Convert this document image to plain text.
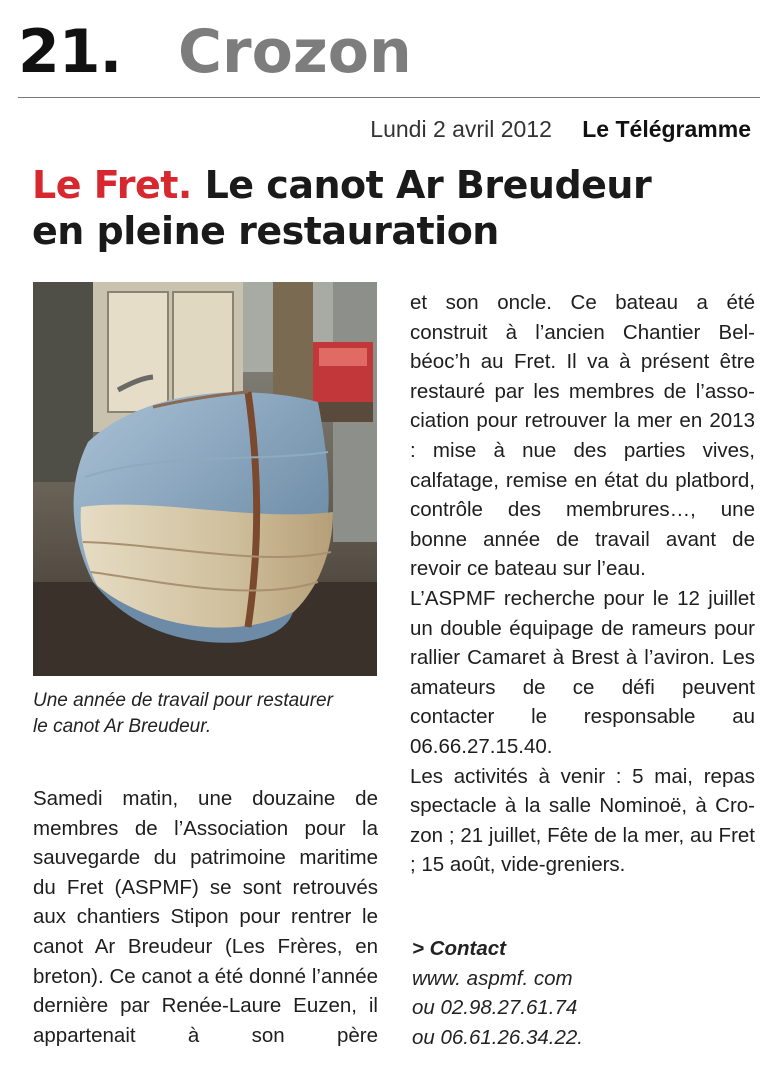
21. Crozon
Lundi 2 avril 2012 Le Télégramme
Le Fret. Le canot Ar Breudeur
en pleine restauration

Une année de travail pour restaurer
le canot Ar Breudeur.

Samedi matin, une douzaine de membres de l’Association pour la sauvegarde du patrimoine maritime du Fret (ASPMF) se sont retrouvés aux chantiers Stipon pour rentrer le canot Ar Breudeur (Les Frères, en breton). Ce canot a été donné l’année dernière par Renée-Laure Euzen, il appartenait à son père

et son oncle. Ce bateau a été construit à l’ancien Chantier Belbéoc’h au Fret. Il va à présent être restauré par les membres de l’association pour retrouver la mer en 2013 : mise à nue des parties vives, calfatage, remise en état du platbord, contrôle des membrures…, une bonne année de travail avant de revoir ce bateau sur l’eau.

L’ASPMF recherche pour le 12 juillet un double équipage de rameurs pour rallier Camaret à Brest à l’aviron. Les amateurs de ce défi peuvent contacter le responsable au 06.66.27.15.40.

Les activités à venir : 5 mai, repas spectacle à la salle Nominoë, à Crozon ; 21 juillet, Fête de la mer, au Fret ; 15 août, vide-greniers.

> Contact
www. aspmf. com
ou 02.98.27.61.74
ou 06.61.26.34.22.
